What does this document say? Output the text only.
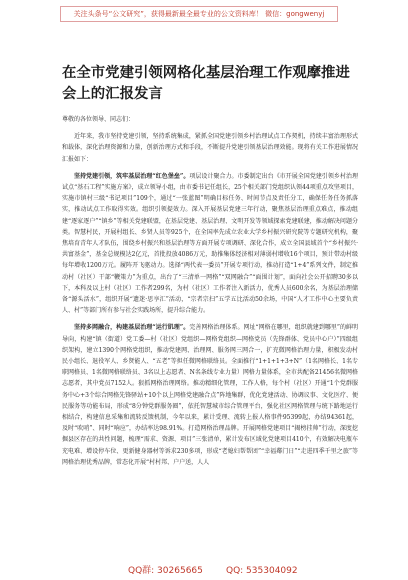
关注头条号“公文研究”，获得最新最全最专业的公文资料库！ 微信：gongwenyj
在全市党建引领网格化基层治理工作观摩推进会上的汇报发言

尊敬的各位领导、同志们：

近年来，我市坚持党建引领，坚持系统集成，紧抓全国党建引领乡村治理试点工作契机，持续丰富治理形式和载体，深化治理资源和力量，创新治理方式和手段，不断提升党建引领基层治理效能。现将有关工作进展情况汇报如下：

坚持党建引领，筑牢基层治理“红色堡垒”。项层设计聚合力。市委制定出台《市开展全国党建引领乡村治理试点“基石工程”实施方案》，成立领导小组，由市委书记任组长，25个相关部门党组织认领44项重点攻坚项目，实施市镇村三级“书记项目”109个，通过“一张蓝图”明确目标任务、时间节点及责任分工，确保任务任务抓落实，推动试点工作取得实效。组织引领提效力。深入开展基层党建三年行动，聚焦基层治理重点难点，推动组建“逐家逐户”“镇乡”等相关党建联盟，在基层党建、基层治理、文明开发等领域探索党建联建，推动解决问题分类。智慧村民，开展村组长、乡贤人员等925个，在全国率先成立农业大学乡村振兴研究院等专题研究机构，聚焦培育青年人才队伍，围绕乡村振兴和基层治理等方面开展专项调研、深化合作，成立全国县域首个“乡村振兴·共富基金”，基金总规模达2亿元，首批投放4086万元，助推集体经济相对薄弱村增收16个项目，预计带动村级每年增收1200万元。履阵开飞驱动力。选择“两代表一委员”开展专项行动，推动打造“1+4”系列文件，制定推动村（社区）干部“鞭策力”为重点，出台了“三清单一网格”“双网融合”“面围计划”，面向社会公开招聘30多以下，本科及以上村（社区）工作者299名，为村（社区）工作者注入新活力，优秀人员600余名，为基层治理储备“源头活水”，组织开展“遗迷·思享汇”活动，“宗者宗扫”五学五比活动50余场，中国“人才工作中心主要负责人、村”等部门所有参与社会实践场所，提升综合能力。

坚持多网融合，构建基层治理“运行肌理”。完善网格治理体系。网址“网格在哪里，组织就建到哪里”的鲜明导向，构建“镇（街道）党工委—村（社区）党组织—网格党组织—网格党员（先锋群体、党员中心户）”四级组织架构，建立1390个网格党组织，推动党建网、治理网、服务网三网合一，扩充微网格治理力量，积极发动村民小组长、退役军人、乡贤能人、“五老”等担任微网格联络员。全面推行“1+1+1+3+N”（1名网格长、1名专职网格员、1名微网格联络员、3名以上志愿者、N名条线专业力量）网格力量体系，全市共配备21456名微网格志愿者，其中党员7152人。狠抓网格治理网络。推动精细化管理，工作人格，每个村（社区）开通“1个党群服务中心+3个综合网格先锋驿站+10个以上网格党建融合点”阵地集群，优化党建活动、协调议事、文化医疗、便民服务等功能布局，形成“8分钟党群服务圈”，依托智慧城市综合管理平台，强化社区网格管理与统下路地运行相结合，构建信息采集和流转反馈机制，今年以来，累计受理、流转上报人格事件95399起，办结94361起，及时“吹哨”、同时“响应”，办结率达98.91%。打造网格治理品牌。开展网格党建项目“揭榜挂帅”行动，深度挖掘县区存在的共性问题，梳理“需求、资源、项目”三张清单，累计发布区域化党建项目410个，有效解决电瓶车充电难、增设停车位、更新健身器材等诉求230多项，形成“老媳妇帮帮团”“幸福鄰门日”“走进四季千里之旅”等网格治理优秀品牌，常态化开展“村村邦、户户送，人人

QQ群: 30265665	QQ: 535304092
